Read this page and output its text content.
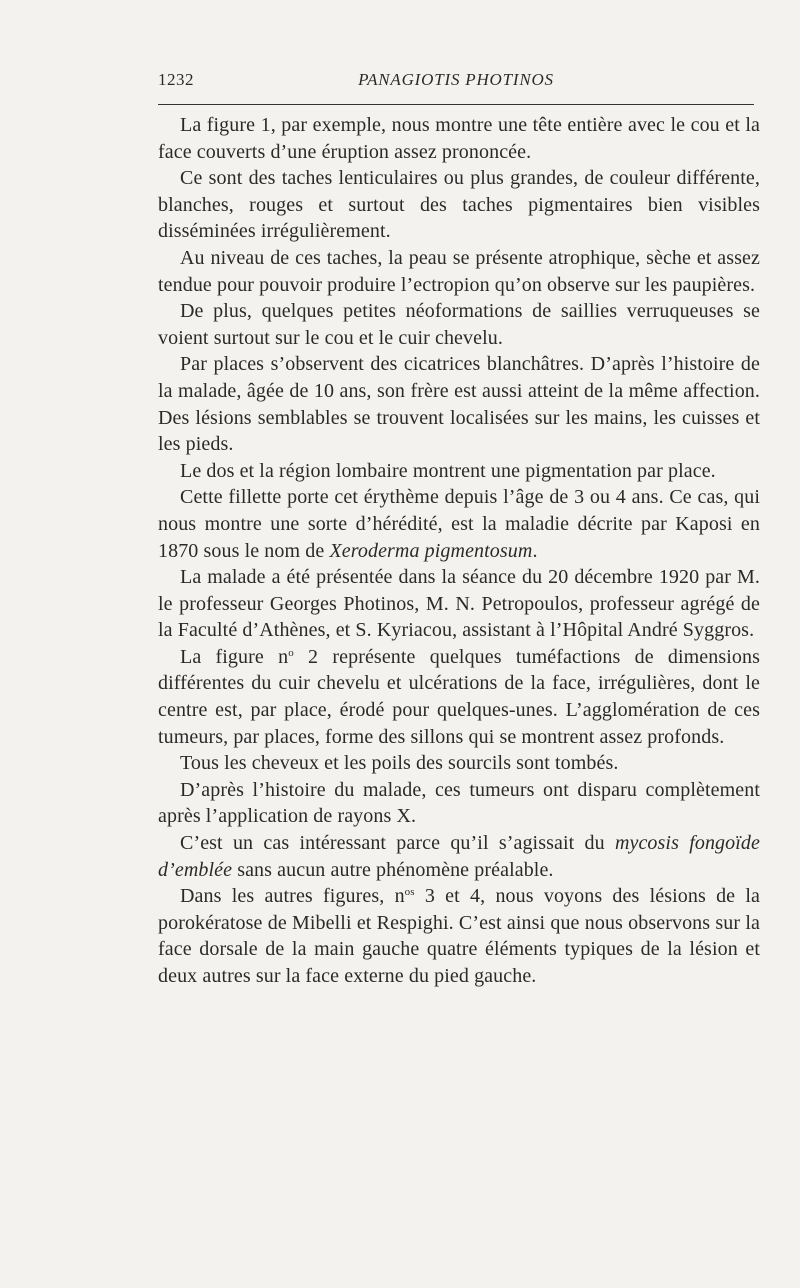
1232	PANAGIOTIS PHOTINOS

La figure 1, par exemple, nous montre une tête entière avec le cou et la face couverts d’une éruption assez prononcée.

Ce sont des taches lenticulaires ou plus grandes, de couleur différente, blanches, rouges et surtout des taches pigmentaires bien visibles disséminées irrégulièrement.

Au niveau de ces taches, la peau se présente atrophique, sèche et assez tendue pour pouvoir produire l’ectropion qu’on observe sur les paupières.

De plus, quelques petites néoformations de saillies verruqueuses se voient surtout sur le cou et le cuir chevelu.

Par places s’observent des cicatrices blanchâtres. D’après l’histoire de la malade, âgée de 10 ans, son frère est aussi atteint de la même affection. Des lésions semblables se trouvent localisées sur les mains, les cuisses et les pieds.

Le dos et la région lombaire montrent une pigmentation par place.

Cette fillette porte cet érythème depuis l’âge de 3 ou 4 ans. Ce cas, qui nous montre une sorte d’hérédité, est la maladie décrite par Kaposi en 1870 sous le nom de Xeroderma pigmentosum.

La malade a été présentée dans la séance du 20 décembre 1920 par M. le professeur Georges Photinos, M. N. Petropoulos, professeur agrégé de la Faculté d’Athènes, et S. Kyriacou, assistant à l’Hôpital André Syggros.

La figure $n^o$ 2 représente quelques tuméfactions de dimensions différentes du cuir chevelu et ulcérations de la face, irrégulières, dont le centre est, par place, érodé pour quelques-unes. L’agglomération de ces tumeurs, par places, forme des sillons qui se montrent assez profonds.

Tous les cheveux et les poils des sourcils sont tombés.

D’après l’histoire du malade, ces tumeurs ont disparu complètement après l’application de rayons X.

C’est un cas intéressant parce qu’il s’agissait du mycosis fongoïde d’emblée sans aucun autre phénomène préalable.

Dans les autres figures, $n^{os}$ 3 et 4, nous voyons des lésions de la porokératose de Mibelli et Respighi. C’est ainsi que nous observons sur la face dorsale de la main gauche quatre éléments typiques de la lésion et deux autres sur la face externe du pied gauche.
